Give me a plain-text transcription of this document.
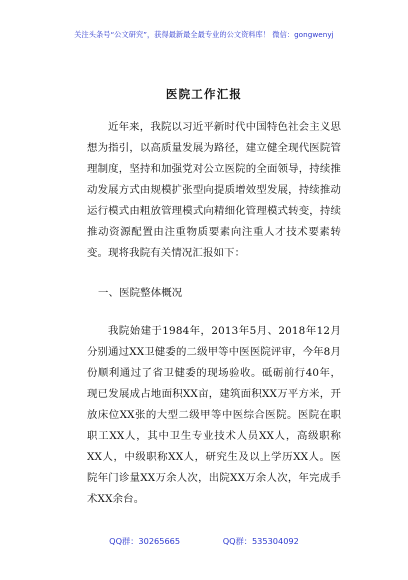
关注头条号“公文研究”，获得最新最全最专业的公文资料库！ 微信：gongwenyj
医院工作汇报

近年来，我院以习近平新时代中国特色社会主义思想为指引，以高质量发展为路径，建立健全现代医院管理制度，坚持和加强党对公立医院的全面领导，持续推动发展方式由规模扩张型向提质增效型发展，持续推动运行模式由粗放管理模式向精细化管理模式转变，持续推动资源配置由注重物质要素向注重人才技术要素转变。现将我院有关情况汇报如下：

一、医院整体概况

我院始建于1984年，2013年5月、2018年12月分别通过XX卫健委的二级甲等中医医院评审，今年8月份顺利通过了省卫健委的现场验收。砥砺前行40年，现已发展成占地面积XX亩，建筑面积XX万平方米，开放床位XX张的大型二级甲等中医综合医院。医院在职职工XX人，其中卫生专业技术人员XX人，高级职称XX人，中级职称XX人，研究生及以上学历XX人。医院年门诊量XX万余人次，出院XX万余人次，年完成手术XX余台。

QQ群：30265665	QQ群：535304092
